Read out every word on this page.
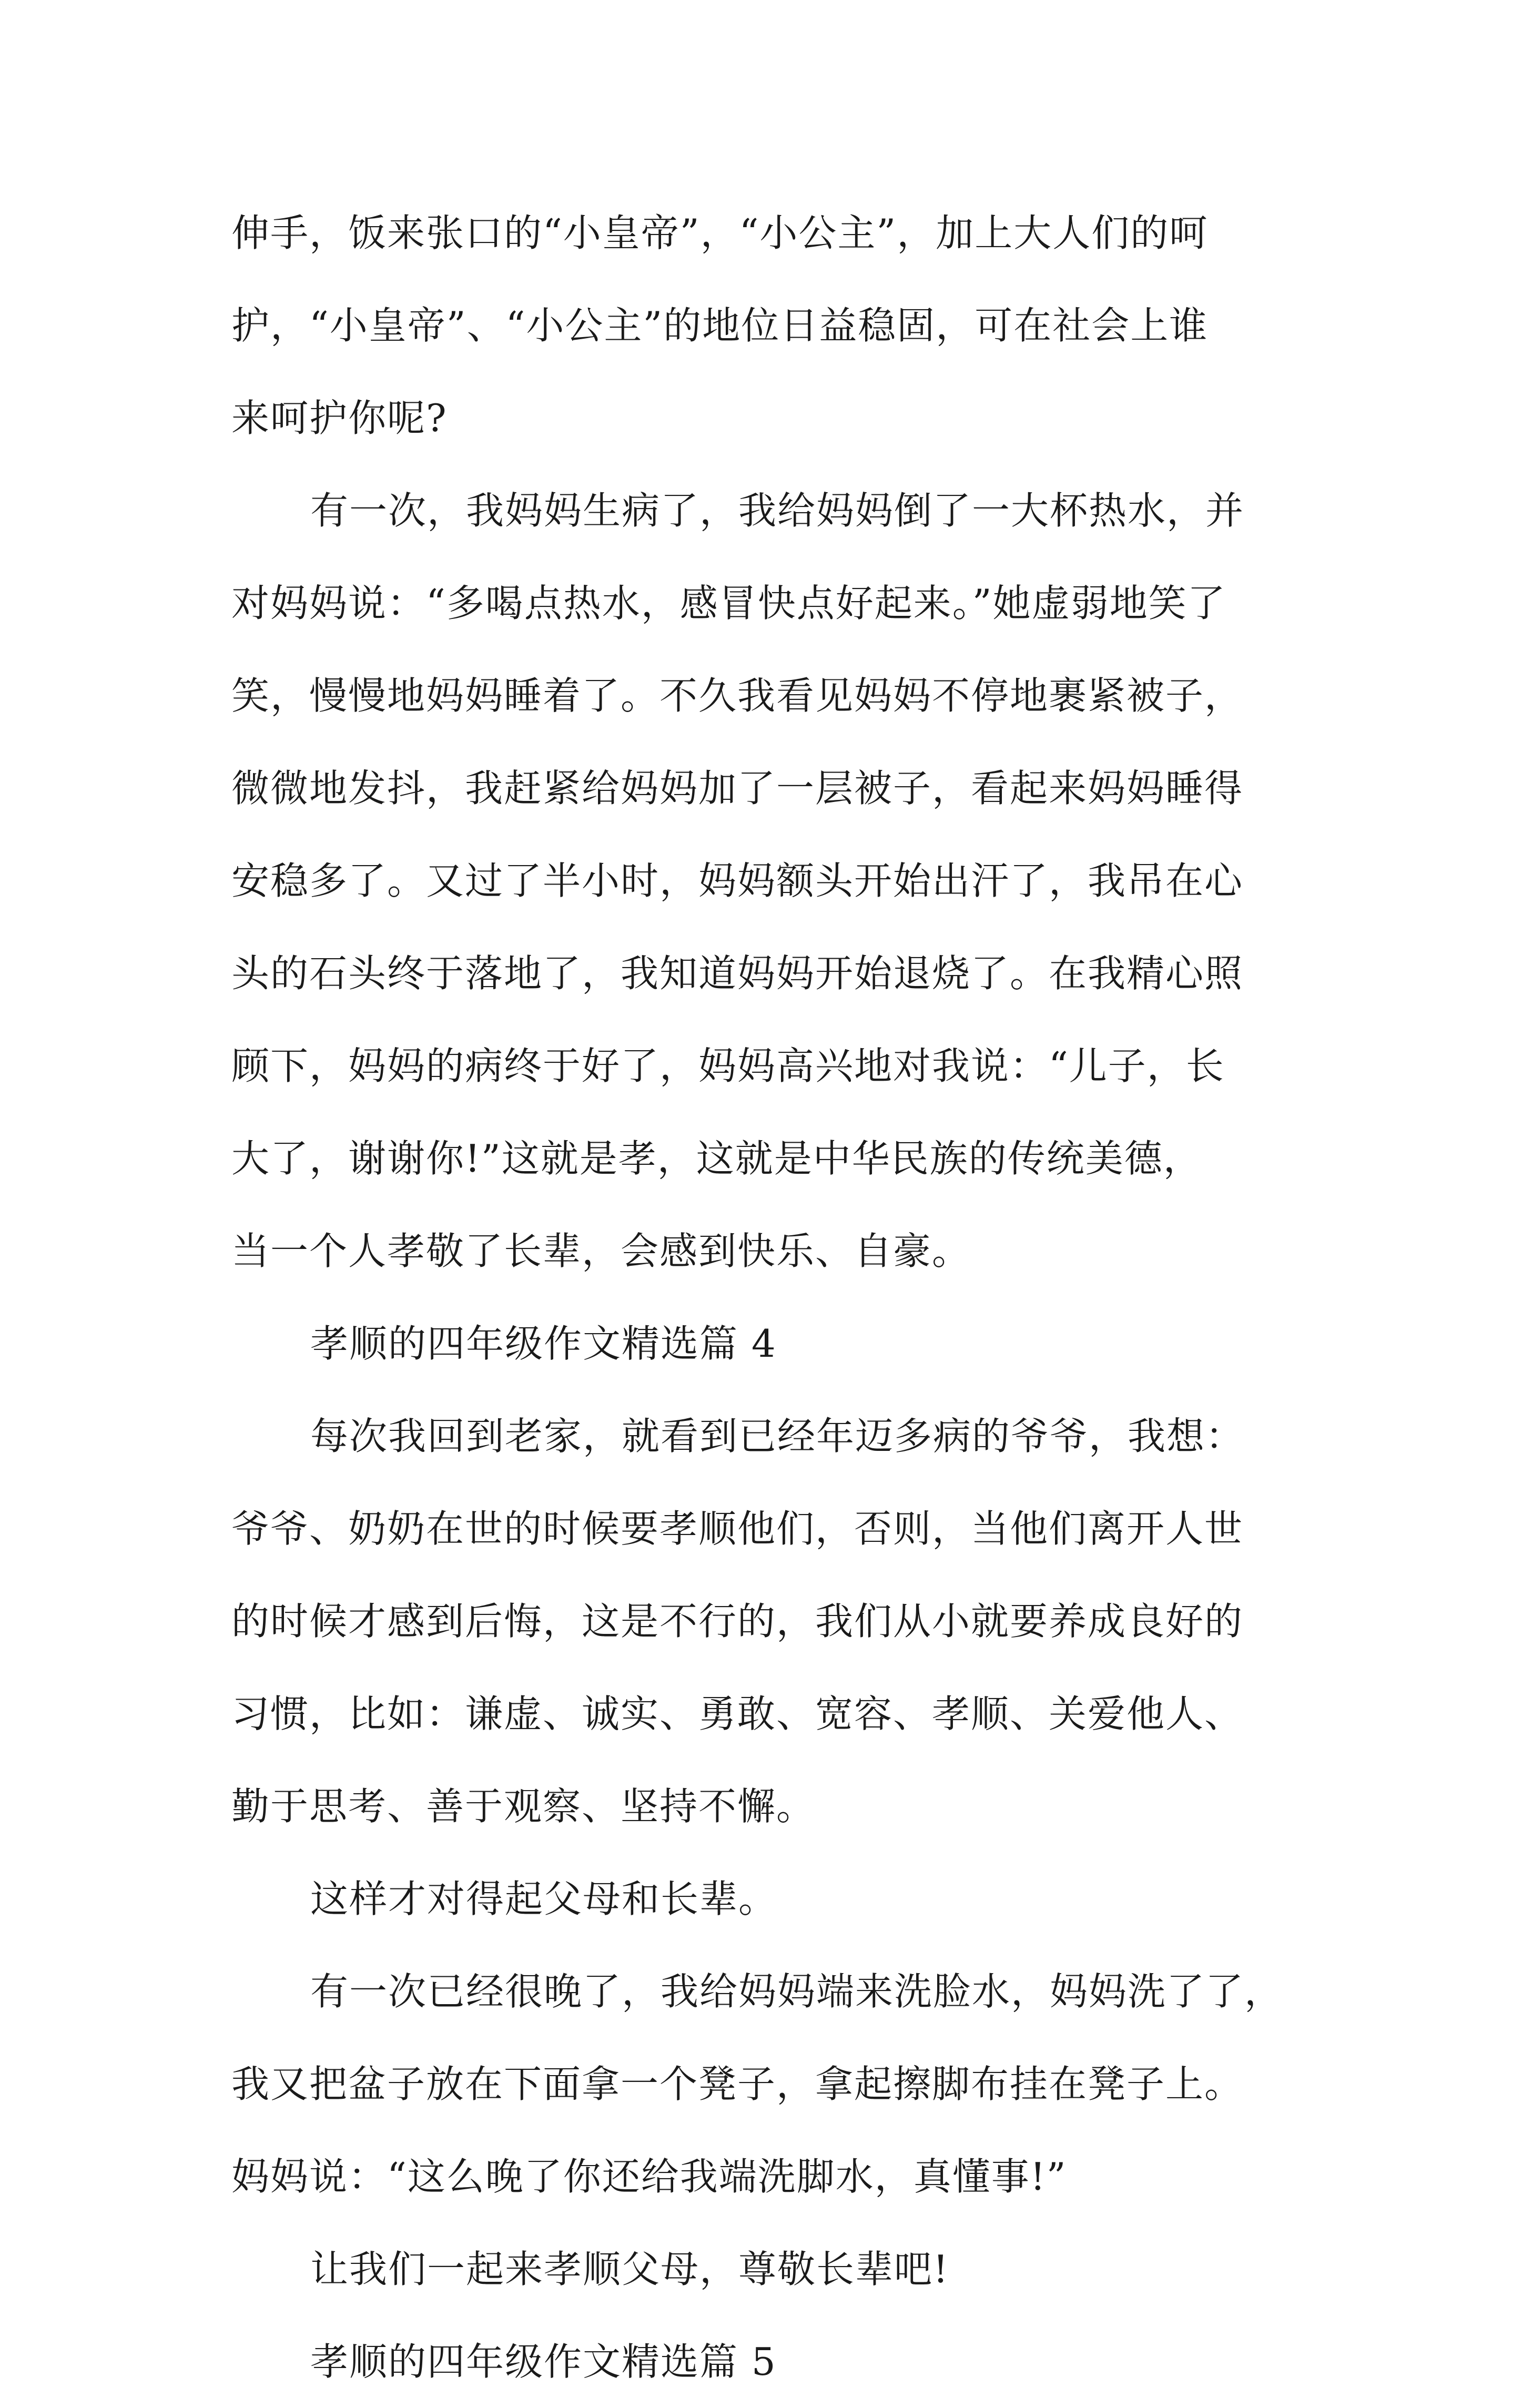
伸手，饭来张口的“小皇帝”，“小公主”，加上大人们的呵
护，“小皇帝”、“小公主”的地位日益稳固，可在社会上谁
来呵护你呢?
有一次，我妈妈生病了，我给妈妈倒了一大杯热水，并
对妈妈说：“多喝点热水，感冒快点好起来。”她虚弱地笑了
笑，慢慢地妈妈睡着了。不久我看见妈妈不停地裹紧被子，
微微地发抖，我赶紧给妈妈加了一层被子，看起来妈妈睡得
安稳多了。又过了半小时，妈妈额头开始出汗了，我吊在心
头的石头终于落地了，我知道妈妈开始退烧了。在我精心照
顾下，妈妈的病终于好了，妈妈高兴地对我说：“儿子，长
大了，谢谢你!”这就是孝，这就是中华民族的传统美德，
当一个人孝敬了长辈，会感到快乐、自豪。
孝顺的四年级作文精选篇 4
每次我回到老家，就看到已经年迈多病的爷爷，我想：
爷爷、奶奶在世的时候要孝顺他们，否则，当他们离开人世
的时候才感到后悔，这是不行的，我们从小就要养成良好的
习惯，比如：谦虚、诚实、勇敢、宽容、孝顺、关爱他人、
勤于思考、善于观察、坚持不懈。
这样才对得起父母和长辈。
有一次已经很晚了，我给妈妈端来洗脸水，妈妈洗了了，
我又把盆子放在下面拿一个凳子，拿起擦脚布挂在凳子上。
妈妈说：“这么晚了你还给我端洗脚水，真懂事!”
让我们一起来孝顺父母，尊敬长辈吧!
孝顺的四年级作文精选篇 5
